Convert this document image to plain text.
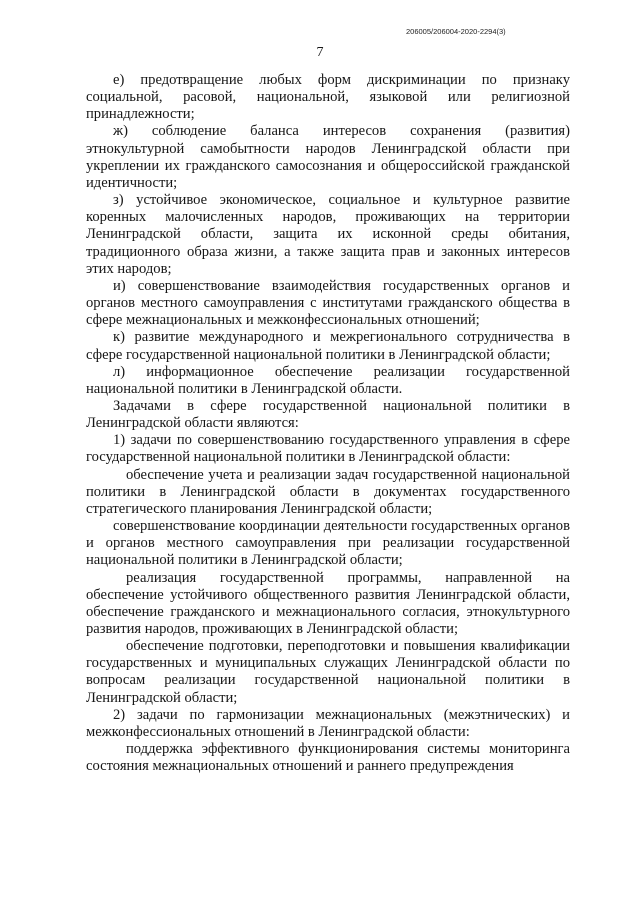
206005/206004-2020-2294(3)
7

е) предотвращение любых форм дискриминации по признаку социальной, расовой, национальной, языковой или религиозной принадлежности;

ж) соблюдение баланса интересов сохранения (развития) этнокультурной самобытности народов Ленинградской области при укреплении их гражданского самосознания и общероссийской гражданской идентичности;

з) устойчивое экономическое, социальное и культурное развитие коренных малочисленных народов, проживающих на территории Ленинградской области, защита их исконной среды обитания, традиционного образа жизни, а также защита прав и законных интересов этих народов;

и) совершенствование взаимодействия государственных органов и органов местного самоуправления с институтами гражданского общества в сфере межнациональных и межконфессиональных отношений;

к) развитие международного и межрегионального сотрудничества в сфере государственной национальной политики в Ленинградской области;

л) информационное обеспечение реализации государственной национальной политики в Ленинградской области.

Задачами в сфере государственной национальной политики в Ленинградской области являются:

1) задачи по совершенствованию государственного управления в сфере государственной национальной политики в Ленинградской области:

обеспечение учета и реализации задач государственной национальной политики в Ленинградской области в документах государственного стратегического планирования Ленинградской области;

совершенствование координации деятельности государственных органов и органов местного самоуправления при реализации государственной национальной политики в Ленинградской области;

реализация государственной программы, направленной на обеспечение устойчивого общественного развития Ленинградской области, обеспечение гражданского и межнационального согласия, этнокультурного развития народов, проживающих в Ленинградской области;

обеспечение подготовки, переподготовки и повышения квалификации государственных и муниципальных служащих Ленинградской области по вопросам реализации государственной национальной политики в Ленинградской области;

2) задачи по гармонизации межнациональных (межэтнических) и межконфессиональных отношений в Ленинградской области:

поддержка эффективного функционирования системы мониторинга состояния межнациональных отношений и раннего предупреждения
